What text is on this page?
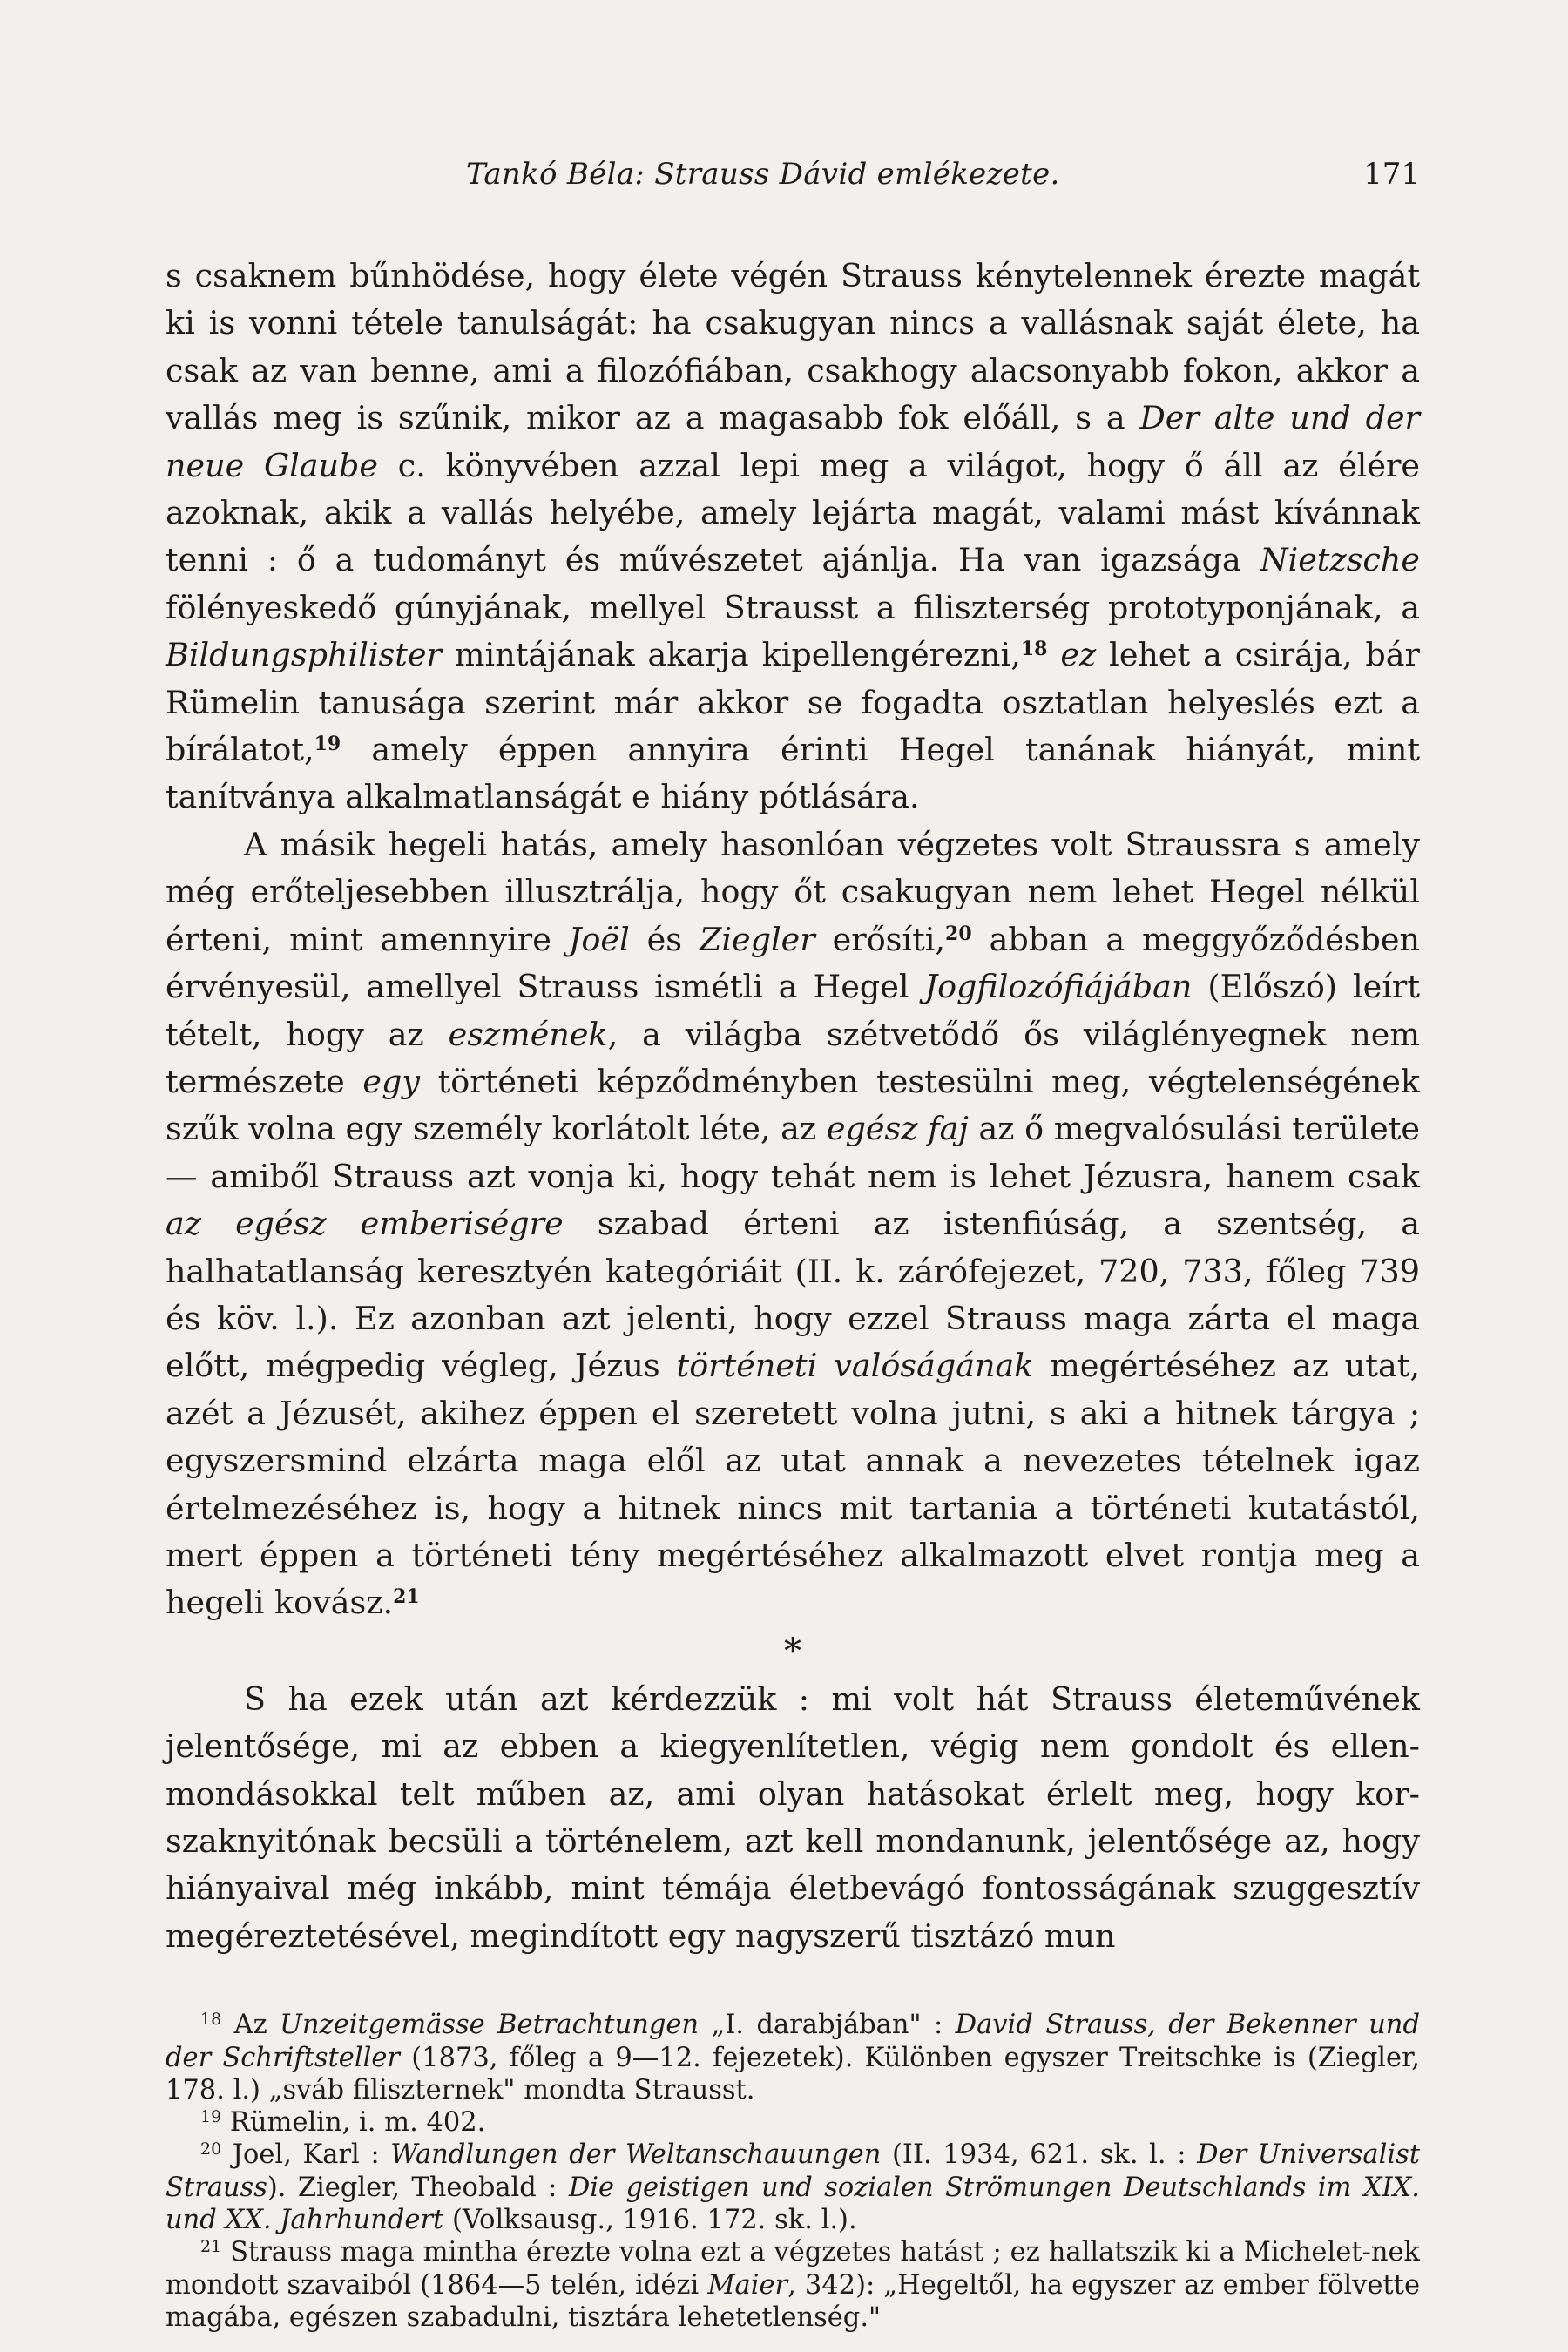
Tankó Béla: Strauss Dávid emlékezete.	171

s csaknem bűnhödése, hogy élete végén Strauss kénytelennek érezte magát ki is vonni tétele tanulságát: ha csakugyan nincs a vallásnak saját élete, ha csak az van benne, ami a filozófiában, csakhogy alacsonyabb fokon, akkor a vallás meg is szűnik, mikor az a magasabb fok előáll, s a Der alte und der neue Glaube c. könyvében azzal lepi meg a világot, hogy ő áll az élére azoknak, akik a vallás helyébe, amely lejárta magát, valami mást kívánnak tenni : ő a tudományt és művészetet ajánlja. Ha van igazsága Nietzsche fölényeskedő gúnyjának, mellyel Strausst a filiszterség prototyponjának, a Bildungsphilister mintájának akarja kipellengérezni,$^{18}$ ez lehet a csirája, bár Rümelin tanusága szerint már akkor se fogadta osztatlan helyeslés ezt a bírálatot,$^{19}$ amely éppen annyira érinti Hegel tanának hiányát, mint tanítványa alkalmatlanságát e hiány pótlására.

A másik hegeli hatás, amely hasonlóan végzetes volt Straussra s amely még erőteljesebben illusztrálja, hogy őt csakugyan nem lehet Hegel nélkül érteni, mint amennyire Joël és Ziegler erősíti,$^{20}$ abban a meggyőződésben érvényesül, amellyel Strauss ismétli a Hegel Jogfilozófiájában (Előszó) leírt tételt, hogy az eszmének, a világba szétvetődő ős világlényegnek nem természete egy történeti képződményben testesülni meg, végtelenségének szűk volna egy személy korlátolt léte, az egész faj az ő megvalósulási területe — amiből Strauss azt vonja ki, hogy tehát nem is lehet Jézusra, hanem csak az egész emberiségre szabad érteni az istenfiúság, a szentség, a halhatatlanság keresztyén kategóriáit (II. k. zárófejezet, 720, 733, főleg 739 és köv. l.). Ez azonban azt jelenti, hogy ezzel Strauss maga zárta el maga előtt, mégpedig végleg, Jézus történeti valóságának megértéséhez az utat, azét a Jézusét, akihez éppen el szeretett volna jutni, s aki a hitnek tárgya ; egyszersmind elzárta maga elől az utat annak a nevezetes tételnek igaz értelmezéséhez is, hogy a hitnek nincs mit tartania a történeti kutatástól, mert éppen a történeti tény megértéséhez alkalmazott elvet rontja meg a hegeli kovász.$^{21}$

*

S ha ezek után azt kérdezzük : mi volt hát Strauss életeművének jelentősége, mi az ebben a kiegyenlítetlen, végig nem gondolt és ellenmondásokkal telt műben az, ami olyan hatásokat érlelt meg, hogy korszaknyitónak becsüli a történelem, azt kell mondanunk, jelentősége az, hogy hiányaival még inkább, mint témája életbevágó fontosságának szuggesztív megéreztetésével, megindított egy nagyszerű tisztázó mun

$^{18}$ Az Unzeitgemässe Betrachtungen „I. darabjában" : David Strauss, der Bekenner und der Schriftsteller (1873, főleg a 9—12. fejezetek). Különben egyszer Treitschke is (Ziegler, 178. l.) „sváb filiszternek" mondta Strausst.

$^{19}$ Rümelin, i. m. 402.

$^{20}$ Joel, Karl : Wandlungen der Weltanschauungen (II. 1934, 621. sk. l. : Der Universalist Strauss). Ziegler, Theobald : Die geistigen und sozialen Strömungen Deutschlands im XIX. und XX. Jahrhundert (Volksausg., 1916. 172. sk. l.).

$^{21}$ Strauss maga mintha érezte volna ezt a végzetes hatást ; ez hallatszik ki a Michelet-nek mondott szavaiból (1864—5 telén, idézi Maier, 342): „Hegeltől, ha egyszer az ember fölvette magába, egészen szabadulni, tisztára lehetetlenség."
